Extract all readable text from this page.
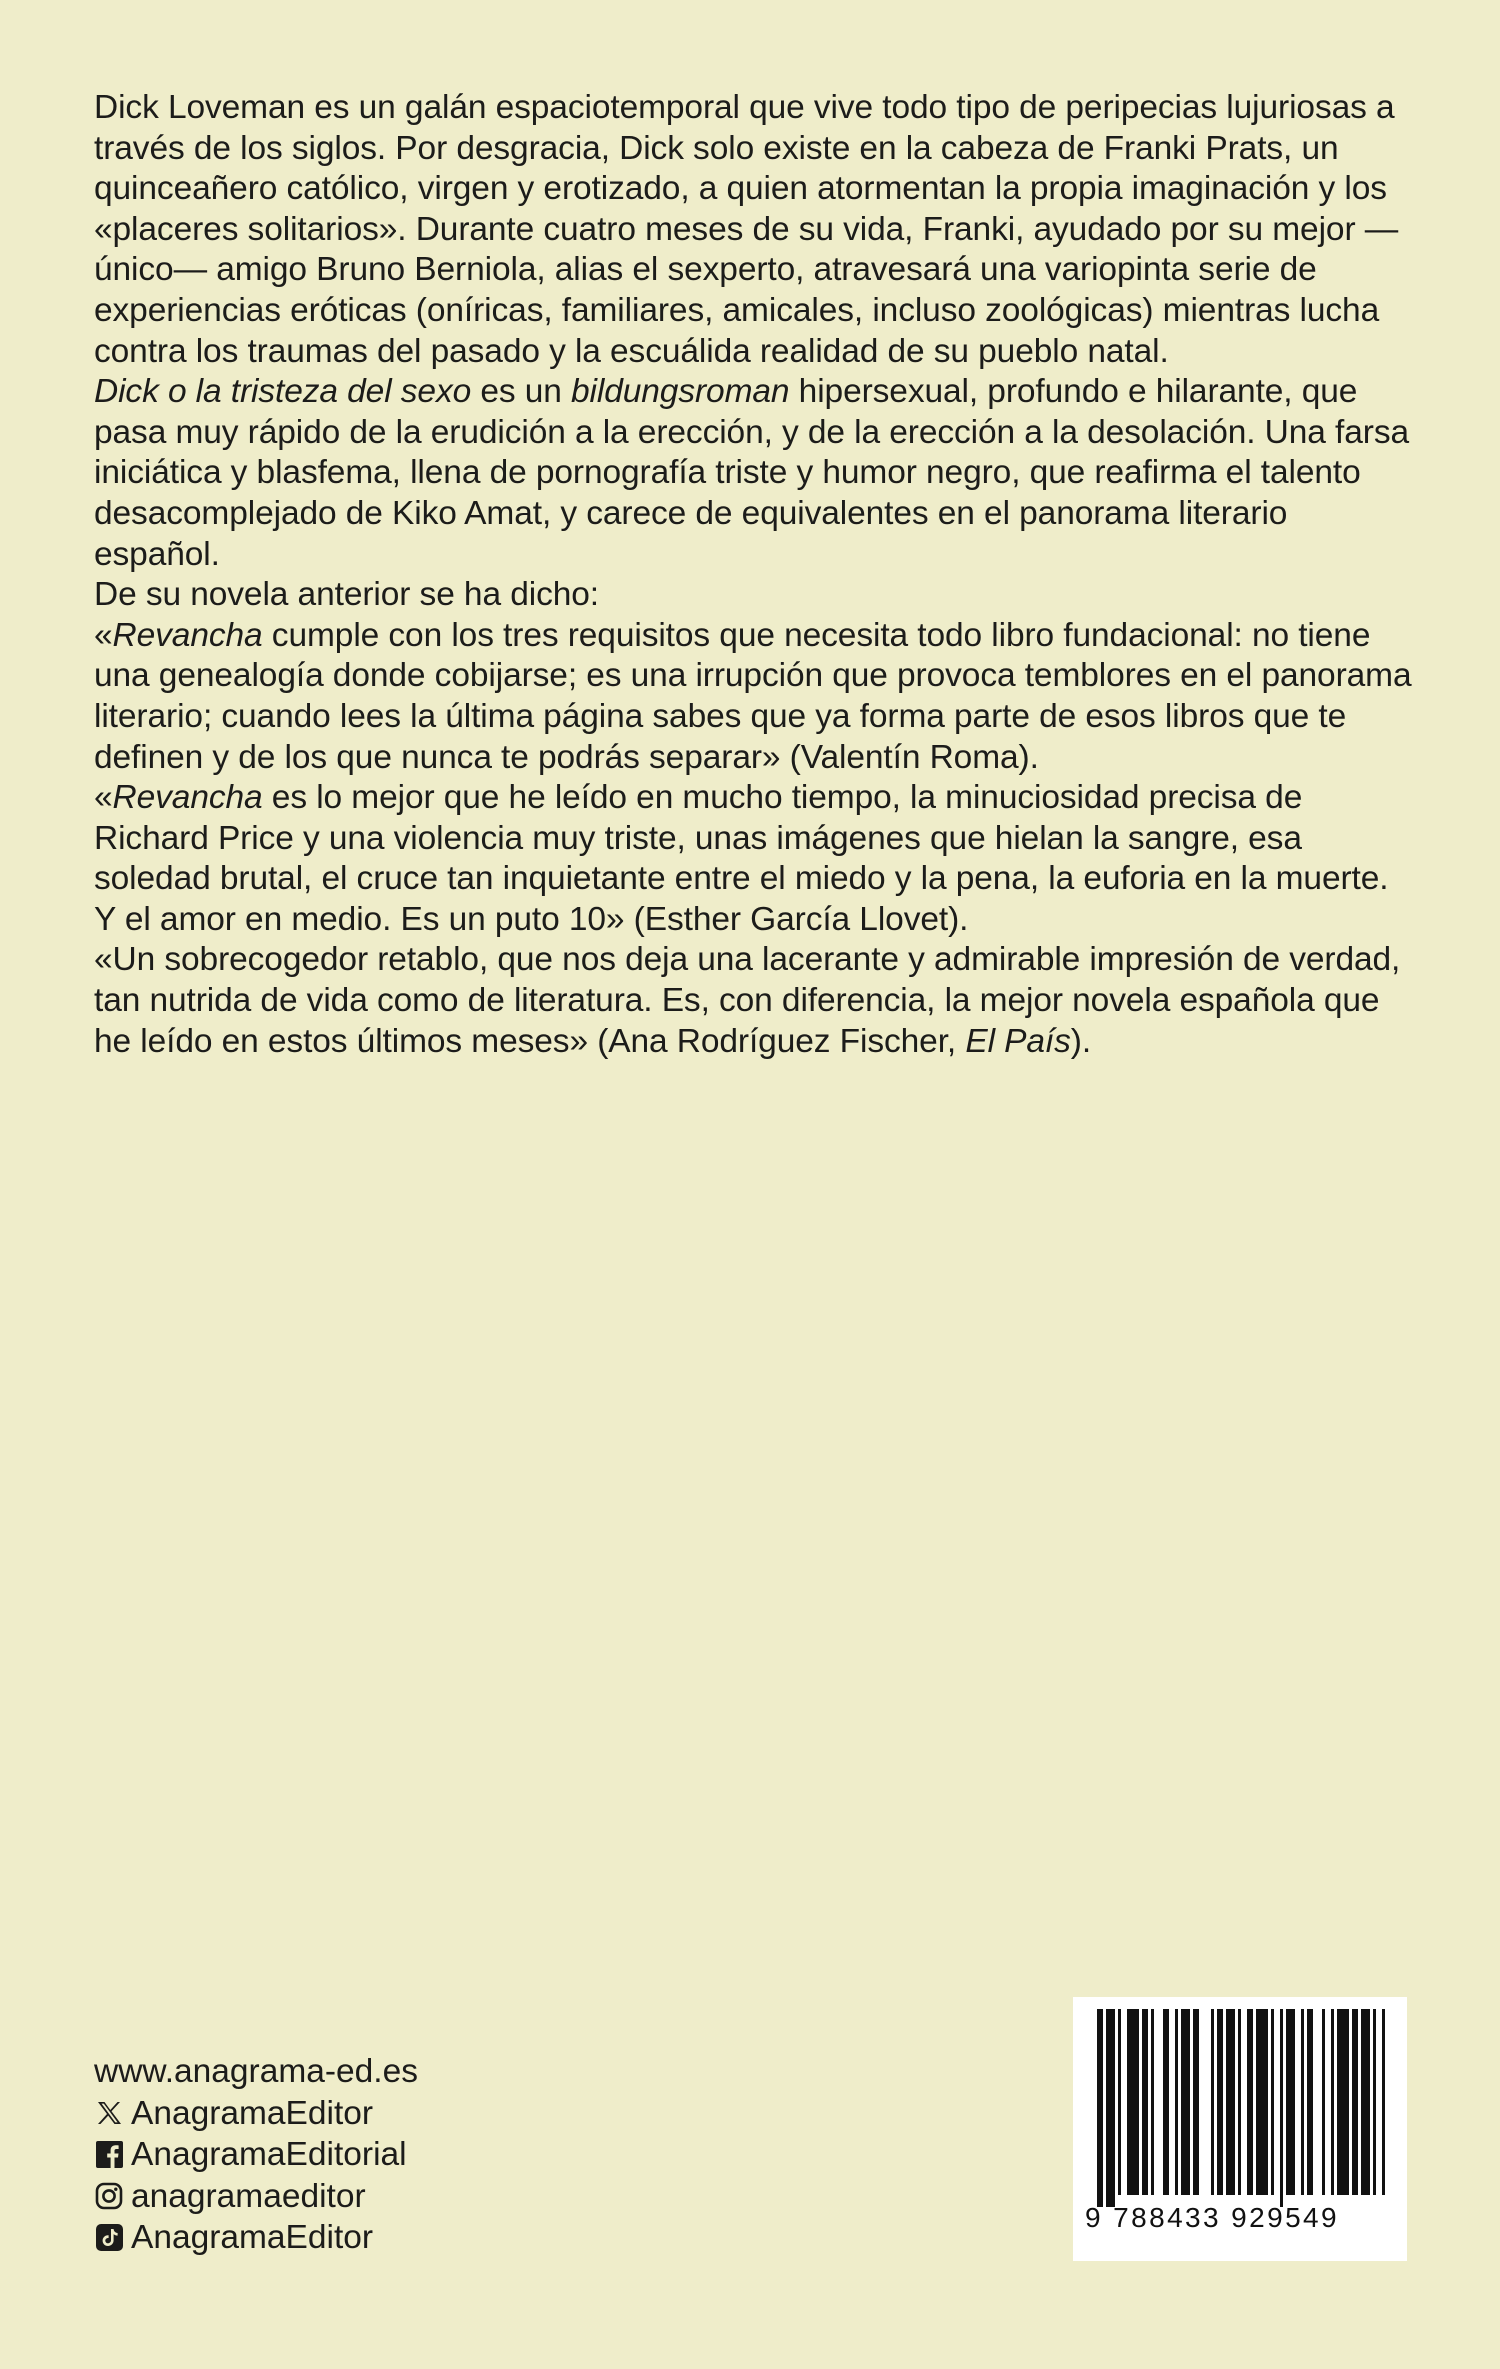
Dick Loveman es un galán espaciotemporal que vive todo tipo de peripecias lujuriosas a través de los siglos. Por desgracia, Dick solo existe en la cabeza de Franki Prats, un quinceañero católico, virgen y erotizado, a quien atormentan la propia imaginación y los «placeres solitarios». Durante cuatro meses de su vida, Franki, ayudado por su mejor —único— amigo Bruno Berniola, alias el sexperto, atravesará una variopinta serie de experiencias eróticas (oníricas, familiares, amicales, incluso zoológicas) mientras lucha contra los traumas del pasado y la escuálida realidad de su pueblo natal.

Dick o la tristeza del sexo es un bildungsroman hipersexual, profundo e hilarante, que pasa muy rápido de la erudición a la erección, y de la erección a la desolación. Una farsa iniciática y blasfema, llena de pornografía triste y humor negro, que reafirma el talento desacomplejado de Kiko Amat, y carece de equivalentes en el panorama literario español.

De su novela anterior se ha dicho:

«Revancha cumple con los tres requisitos que necesita todo libro fundacional: no tiene una genealogía donde cobijarse; es una irrupción que provoca temblores en el panorama literario; cuando lees la última página sabes que ya forma parte de esos libros que te definen y de los que nunca te podrás separar» (Valentín Roma).

«Revancha es lo mejor que he leído en mucho tiempo, la minuciosidad precisa de Richard Price y una violencia muy triste, unas imágenes que hielan la sangre, esa soledad brutal, el cruce tan inquietante entre el miedo y la pena, la euforia en la muerte. Y el amor en medio. Es un puto 10» (Esther García Llovet).

«Un sobrecogedor retablo, que nos deja una lacerante y admirable impresión de verdad, tan nutrida de vida como de literatura. Es, con diferencia, la mejor novela española que he leído en estos últimos meses» (Ana Rodríguez Fischer, El País).

www.anagrama-ed.es
AnagramaEditor
AnagramaEditorial
anagramaeditor
AnagramaEditor
9 788433 929549
